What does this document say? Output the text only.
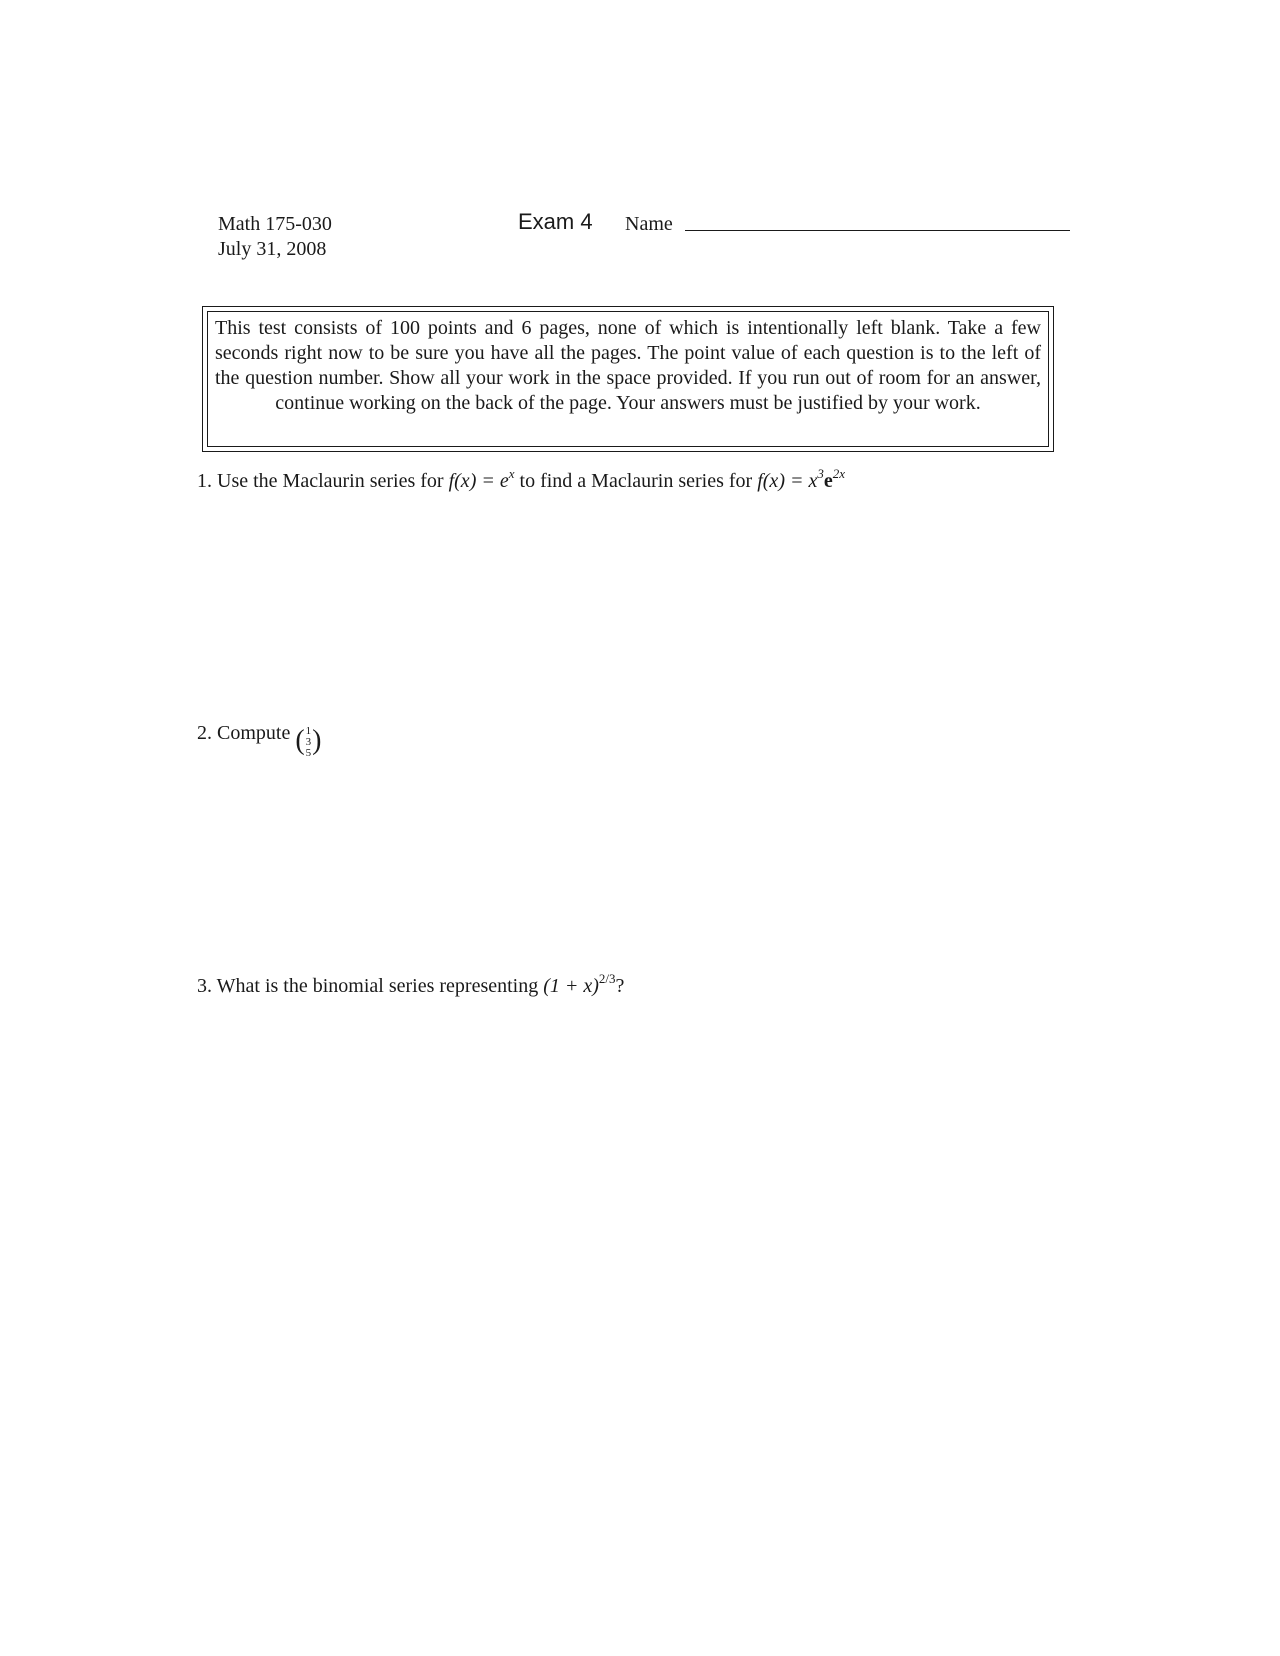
Math 175-030
July 31, 2008
Exam 4 Name
This test consists of 100 points and 6 pages, none of which is intentionally left blank. Take a few seconds right now to be sure you have all the pages. The point value of each question is to the left of the question number. Show all your work in the space provided. If you run out of room for an answer, continue working on the back of the page. Your answers must be justified by your work.
1. Use the Maclaurin series for $f(x) = e^x$ to find a Maclaurin series for $f(x) = x^3e^{2x}$
2. Compute ( 1
3
5 )
3. What is the binomial series representing $(1 + x)^{2/3}$?
